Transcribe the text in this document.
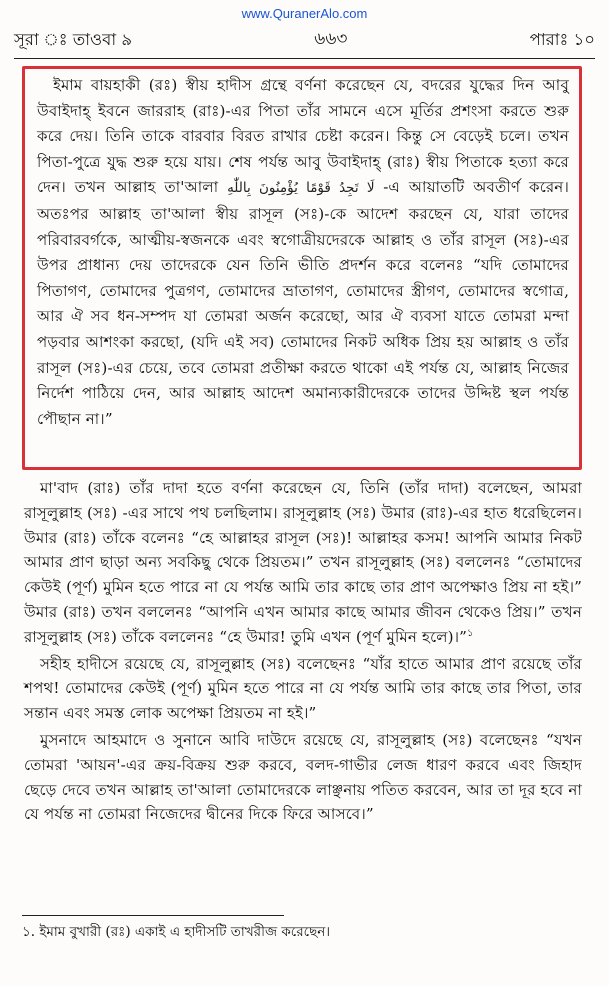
www.QuranerAlo.com
সূরা ঃ তাওবা ৯	৬৬৩	পারাঃ ১০

ইমাম বায়হাকী (রঃ) স্বীয় হাদীস গ্রন্থে বর্ণনা করেছেন যে, বদরের যুদ্ধের দিন আবু উবাইদাহ্ ইবনে জাররাহ (রাঃ)-এর পিতা তাঁর সামনে এসে মূর্তির প্রশংসা করতে শুরু করে দেয়। তিনি তাকে বারবার বিরত রাখার চেষ্টা করেন। কিন্তু সে বেড়েই চলে। তখন পিতা-পুত্রে যুদ্ধ শুরু হয়ে যায়। শেষ পর্যন্ত আবু উবাইদাহ্ (রাঃ) স্বীয় পিতাকে হত্যা করে দেন। তখন আল্লাহ তা'আলা لَا تَجِدُ قَوْمًا يُؤْمِنُونَ بِاللّٰهِ -এ আয়াতটি অবতীর্ণ করেন। অতঃপর আল্লাহ তা'আলা স্বীয় রাসূল (সঃ)-কে আদেশ করছেন যে, যারা তাদের পরিবারবর্গকে, আত্মীয়-স্বজনকে এবং স্বগোত্রীয়দেরকে আল্লাহ ও তাঁর রাসূল (সঃ)-এর উপর প্রাধান্য দেয় তাদেরকে যেন তিনি ভীতি প্রদর্শন করে বলেনঃ “যদি তোমাদের পিতাগণ, তোমাদের পুত্রগণ, তোমাদের ভ্রাতাগণ, তোমাদের স্ত্রীগণ, তোমাদের স্বগোত্র, আর ঐ সব ধন-সম্পদ যা তোমরা অর্জন করেছো, আর ঐ ব্যবসা যাতে তোমরা মন্দা পড়বার আশংকা করছো, (যদি এই সব) তোমাদের নিকট অধিক প্রিয় হয় আল্লাহ ও তাঁর রাসূল (সঃ)-এর চেয়ে, তবে তোমরা প্রতীক্ষা করতে থাকো এই পর্যন্ত যে, আল্লাহ নিজের নির্দেশ পাঠিয়ে দেন, আর আল্লাহ আদেশ অমান্যকারীদেরকে তাদের উদ্দিষ্ট স্থল পর্যন্ত পৌছান না।”

মা'বাদ (রাঃ) তাঁর দাদা হতে বর্ণনা করেছেন যে, তিনি (তাঁর দাদা) বলেছেন, আমরা রাসূলুল্লাহ (সঃ) -এর সাথে পথ চলছিলাম। রাসূলুল্লাহ (সঃ) উমার (রাঃ)-এর হাত ধরেছিলেন। উমার (রাঃ) তাঁকে বলেনঃ “হে আল্লাহর রাসূল (সঃ)! আল্লাহর কসম! আপনি আমার নিকট আমার প্রাণ ছাড়া অন্য সবকিছু থেকে প্রিয়তম।” তখন রাসূলুল্লাহ (সঃ) বললেনঃ “তোমাদের কেউই (পূর্ণ) মুমিন হতে পারে না যে পর্যন্ত আমি তার কাছে তার প্রাণ অপেক্ষাও প্রিয় না হই।” উমার (রাঃ) তখন বললেনঃ “আপনি এখন আমার কাছে আমার জীবন থেকেও প্রিয়।” তখন রাসূলুল্লাহ (সঃ) তাঁকে বললেনঃ “হে উমার! তুমি এখন (পূর্ণ মুমিন হলে)।”$^১$

সহীহ হাদীসে রয়েছে যে, রাসূলুল্লাহ (সঃ) বলেছেনঃ “যাঁর হাতে আমার প্রাণ রয়েছে তাঁর শপথ! তোমাদের কেউই (পূর্ণ) মুমিন হতে পারে না যে পর্যন্ত আমি তার কাছে তার পিতা, তার সন্তান এবং সমস্ত লোক অপেক্ষা প্রিয়তম না হই।”

মুসনাদে আহমাদে ও সুনানে আবি দাউদে রয়েছে যে, রাসূলুল্লাহ (সঃ) বলেছেনঃ “যখন তোমরা 'আয়ন'-এর ক্রয়-বিক্রয় শুরু করবে, বলদ-গাভীর লেজ ধারণ করবে এবং জিহাদ ছেড়ে দেবে তখন আল্লাহ তা'আলা তোমাদেরকে লাঞ্ছনায় পতিত করবেন, আর তা দূর হবে না যে পর্যন্ত না তোমরা নিজেদের দ্বীনের দিকে ফিরে আসবে।”

১. ইমাম বুখারী (রঃ) একাই এ হাদীসটি তাখরীজ করেছেন।
